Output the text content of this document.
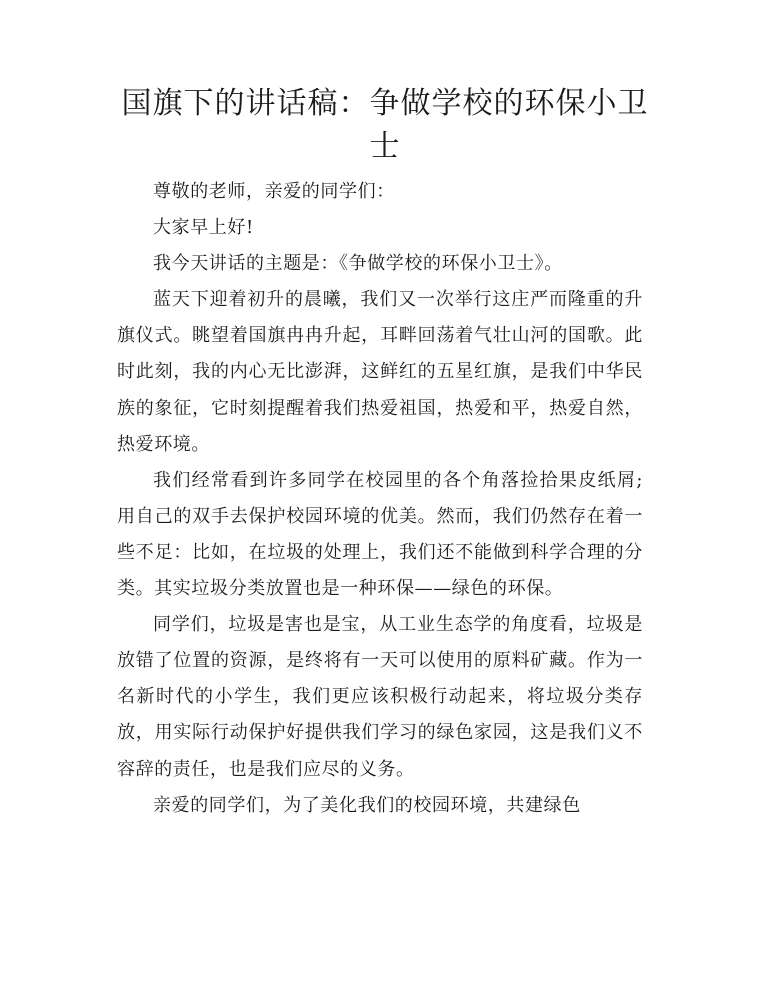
国旗下的讲话稿：争做学校的环保小卫士

尊敬的老师，亲爱的同学们：

大家早上好!

我今天讲话的主题是：《争做学校的环保小卫士》。

蓝天下迎着初升的晨曦，我们又一次举行这庄严而隆重的升旗仪式。眺望着国旗冉冉升起，耳畔回荡着气壮山河的国歌。此时此刻，我的内心无比澎湃，这鲜红的五星红旗，是我们中华民族的象征，它时刻提醒着我们热爱祖国，热爱和平，热爱自然，热爱环境。

我们经常看到许多同学在校园里的各个角落捡拾果皮纸屑;用自己的双手去保护校园环境的优美。然而，我们仍然存在着一些不足：比如，在垃圾的处理上，我们还不能做到科学合理的分类。其实垃圾分类放置也是一种环保——绿色的环保。

同学们，垃圾是害也是宝，从工业生态学的角度看，垃圾是放错了位置的资源，是终将有一天可以使用的原料矿藏。作为一名新时代的小学生，我们更应该积极行动起来，将垃圾分类存放，用实际行动保护好提供我们学习的绿色家园，这是我们义不容辞的责任，也是我们应尽的义务。

亲爱的同学们，为了美化我们的校园环境，共建绿色
